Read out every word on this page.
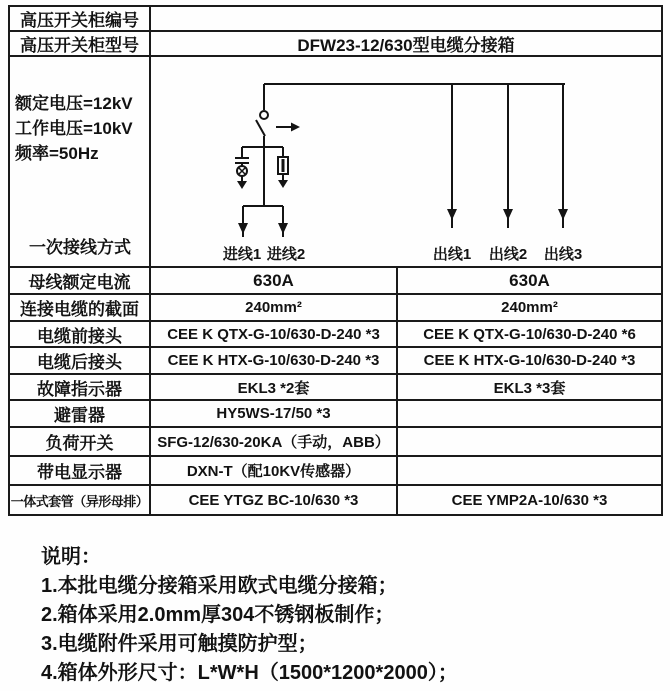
高压开关柜编号
高压开关柜型号	DFW23-12/630型电缆分接箱
额定电压=12kV
工作电压=10kV
频率=50Hz
一次接线方式	进线1 进线2	出线1 出线2 出线3
母线额定电流	630A	630A
连接电缆的截面	240mm²	240mm²
电缆前接头	CEE K QTX-G-10/630-D-240 *3	CEE K QTX-G-10/630-D-240 *6
电缆后接头	CEE K HTX-G-10/630-D-240 *3	CEE K HTX-G-10/630-D-240 *3
故障指示器	EKL3 *2套	EKL3 *3套
避雷器	HY5WS-17/50 *3
负荷开关	SFG-12/630-20KA（手动，ABB）
带电显示器	DXN-T（配10KV传感器）
一体式套管（异形母排）	CEE YTGZ BC-10/630 *3	CEE YMP2A-10/630 *3
说明：
1.本批电缆分接箱采用欧式电缆分接箱；
2.箱体采用2.0mm厚304不锈钢板制作；
3.电缆附件采用可触摸防护型；
4.箱体外形尺寸：L*W*H（1500*1200*2000）；
